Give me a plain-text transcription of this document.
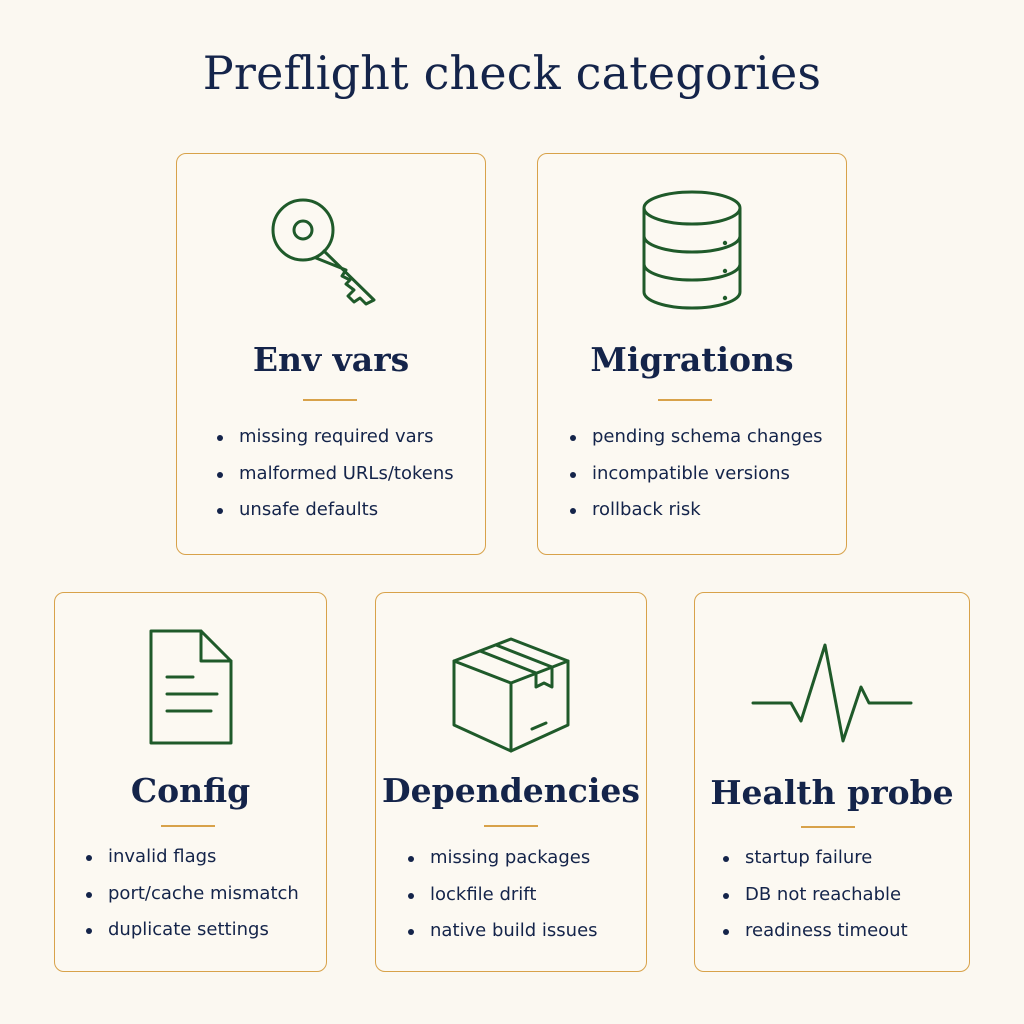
Preflight check categories
Env vars
missing required vars
malformed URLs/tokens
unsafe defaults
Migrations
pending schema changes
incompatible versions
rollback risk
Config
invalid flags
port/cache mismatch
duplicate settings
Dependencies
missing packages
lockfile drift
native build issues
Health probe
startup failure
DB not reachable
readiness timeout
